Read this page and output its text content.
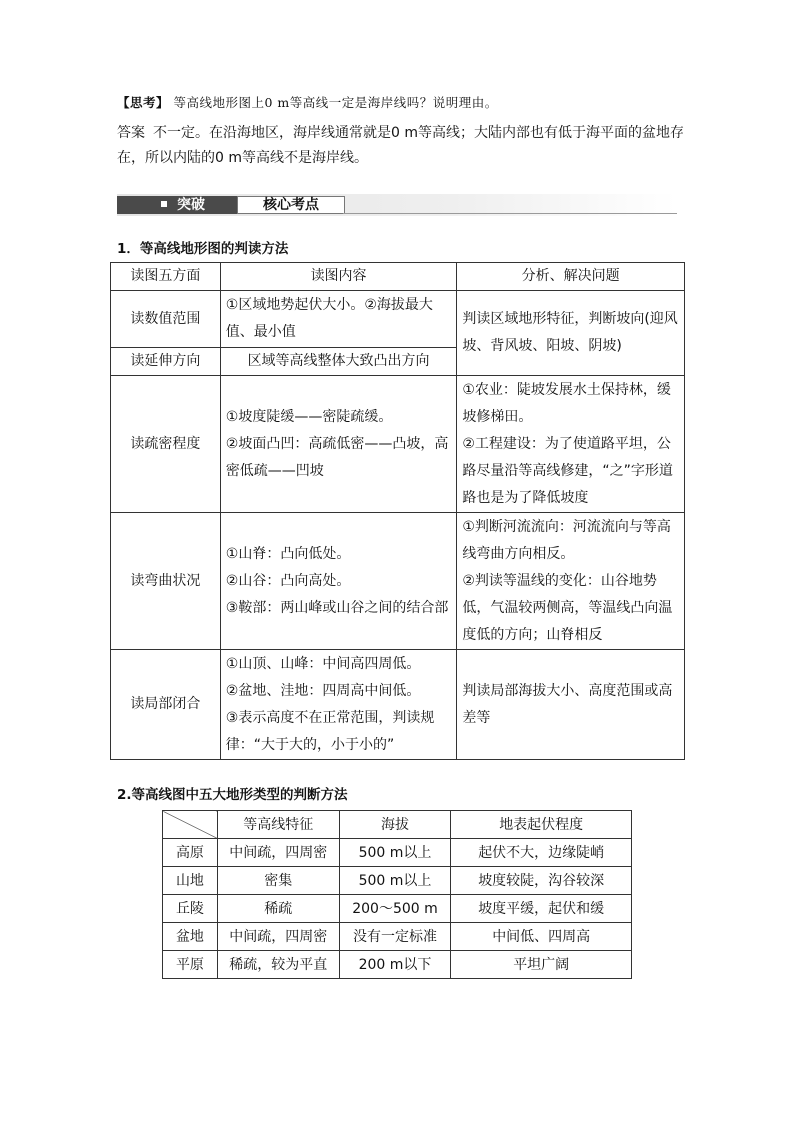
【思考】 等高线地形图上0 m等高线一定是海岸线吗？说明理由。
答案 不一定。在沿海地区，海岸线通常就是0 m等高线；大陆内部也有低于海平面的盆地存在，所以内陆的0 m等高线不是海岸线。
突破	核心考点
1．等高线地形图的判读方法
读图五方面	读图内容	分析、解决问题
读数值范围	①区域地势起伏大小。②海拔最大值、最小值	判读区域地形特征，判断坡向(迎风坡、背风坡、阳坡、阴坡)
读延伸方向	区域等高线整体大致凸出方向	
读疏密程度	①坡度陡缓——密陡疏缓。
②坡面凸凹：高疏低密——凸坡，高密低疏——凹坡	①农业：陡坡发展水土保持林，缓坡修梯田。
②工程建设：为了使道路平坦，公路尽量沿等高线修建，“之”字形道路也是为了降低坡度

读弯曲状况	①山脊：凸向低处。
②山谷：凸向高处。
③鞍部：两山峰或山谷之间的结合部	①判断河流流向：河流流向与等高线弯曲方向相反。
②判读等温线的变化：山谷地势低，气温较两侧高，等温线凸向温度低的方向；山脊相反

读局部闭合	①山顶、山峰：中间高四周低。
②盆地、洼地：四周高中间低。
③表示高度不在正常范围，判读规律：“大于大的，小于小的”	判读局部海拔大小、高度范围或高差等
2.等高线图中五大地形类型的判断方法
	等高线特征	海拔	地表起伏程度
高原	中间疏，四周密	500 m以上	起伏不大，边缘陡峭
山地	密集	500 m以上	坡度较陡，沟谷较深
丘陵	稀疏	200～500 m	坡度平缓，起伏和缓
盆地	中间疏，四周密	没有一定标准	中间低、四周高
平原	稀疏，较为平直	200 m以下	平坦广阔
